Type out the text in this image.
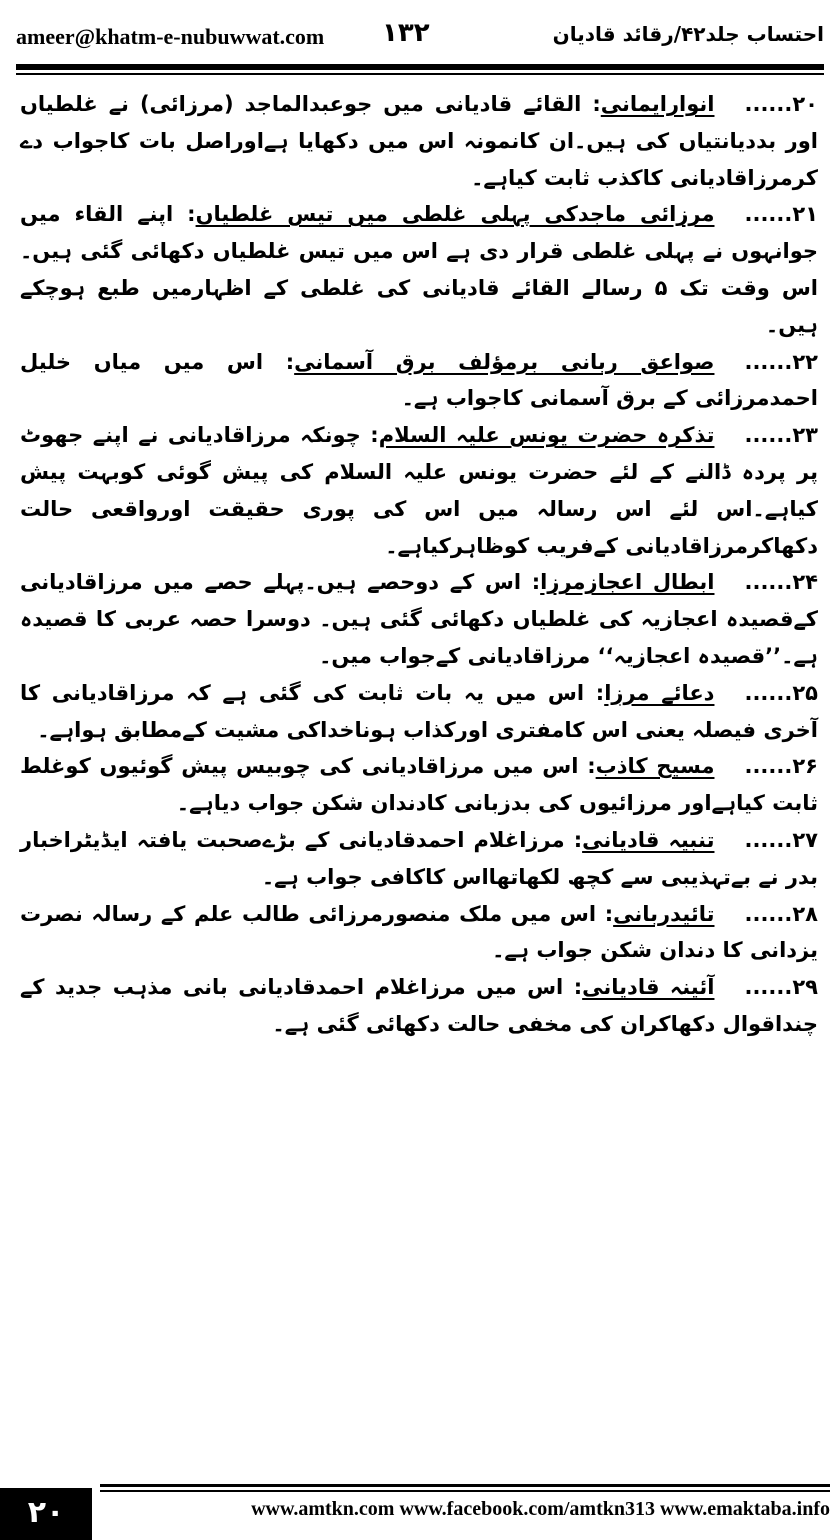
ameer@khatm-e-nubuwwat.com ۱۳۲	احتساب جلد۴۲/رقائد قادیان

۲۰......انوارایمانی: القائے قادیانی میں جوعبدالماجد (مرزائی) نے غلطیاں اور بددیانتیاں کی ہیں۔ان کانمونہ اس میں دکھایا ہےاوراصل بات کاجواب دے کرمرزاقادیانی کاکذب ثابت کیاہے۔

۲۱......مرزائی ماجدکی پہلی غلطی میں تیس غلطیاں: اپنے القاء میں جوانہوں نے پہلی غلطی قرار دی ہے اس میں تیس غلطیاں دکھائی گئی ہیں۔ اس وقت تک ۵ رسالے القائے قادیانی کی غلطی کے اظہارمیں طبع ہوچکے ہیں۔

۲۲......صواعق ربانی برمؤلف برق آسمانی: اس میں میاں خلیل احمدمرزائی کے برق آسمانی کاجواب ہے۔

۲۳......تذکرہ حضرت یونس علیہ السلام: چونکہ مرزاقادیانی نے اپنے جھوٹ پر پردہ ڈالنے کے لئے حضرت یونس علیہ السلام کی پیش گوئی کوبہت پیش کیاہے۔اس لئے اس رسالہ میں اس کی پوری حقیقت اورواقعی حالت دکھاکرمرزاقادیانی کےفریب کوظاہرکیاہے۔

۲۴......ابطال اعجازمرزا: اس کے دوحصے ہیں۔پہلے حصے میں مرزاقادیانی کےقصیدہ اعجازیہ کی غلطیاں دکھائی گئی ہیں۔ دوسرا حصہ عربی کا قصیدہ ہے۔’’قصیدہ اعجازیہ‘‘ مرزاقادیانی کےجواب میں۔

۲۵......دعائے مرزا: اس میں یہ بات ثابت کی گئی ہے کہ مرزاقادیانی کا آخری فیصلہ یعنی اس کامفتری اورکذاب ہوناخداکی مشیت کےمطابق ہواہے۔

۲۶......مسیح کاذب: اس میں مرزاقادیانی کی چوبیس پیش گوئیوں کوغلط ثابت کیاہےاور مرزائیوں کی بدزبانی کادندان شکن جواب دیاہے۔

۲۷......تنبیہ قادیانی: مرزاغلام احمدقادیانی کے بڑےصحبت یافتہ ایڈیٹراخبار بدر نے بےتہذیبی سے کچھ لکھاتھااس کاکافی جواب ہے۔

۲۸......تائیدربانی: اس میں ملک منصورمرزائی طالب علم کے رسالہ نصرت یزدانی کا دندان شکن جواب ہے۔

۲۹......آئینہ قادیانی: اس میں مرزاغلام احمدقادیانی بانی مذہب جدید کے چنداقوال دکھاکران کی مخفی حالت دکھائی گئی ہے۔

۲۰	www.amtkn.com www.facebook.com/amtkn313 www.emaktaba.info
